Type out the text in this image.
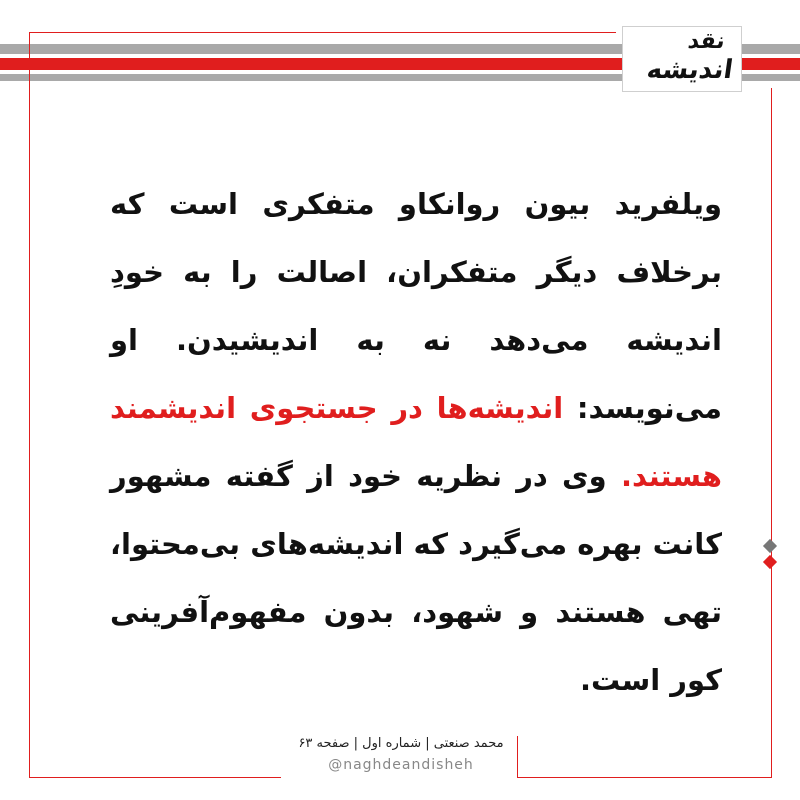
نقد
اندیشه

ویلفرید بیون روانکاو متفکری است که برخلاف دیگر متفکران، اصالت را به خودِ اندیشه می‌دهد نه به اندیشیدن. او می‌نویسد: اندیشه‌ها در جستجوی اندیشمند هستند. وی در نظریه خود از گفته مشهور کانت بهره می‌گیرد که اندیشه‌های بی‌محتوا، تهی هستند و شهود، بدون مفهوم‌آفرینی کور است.

محمد صنعتی | شماره اول | صفحه ۶۳
@naghdeandisheh
